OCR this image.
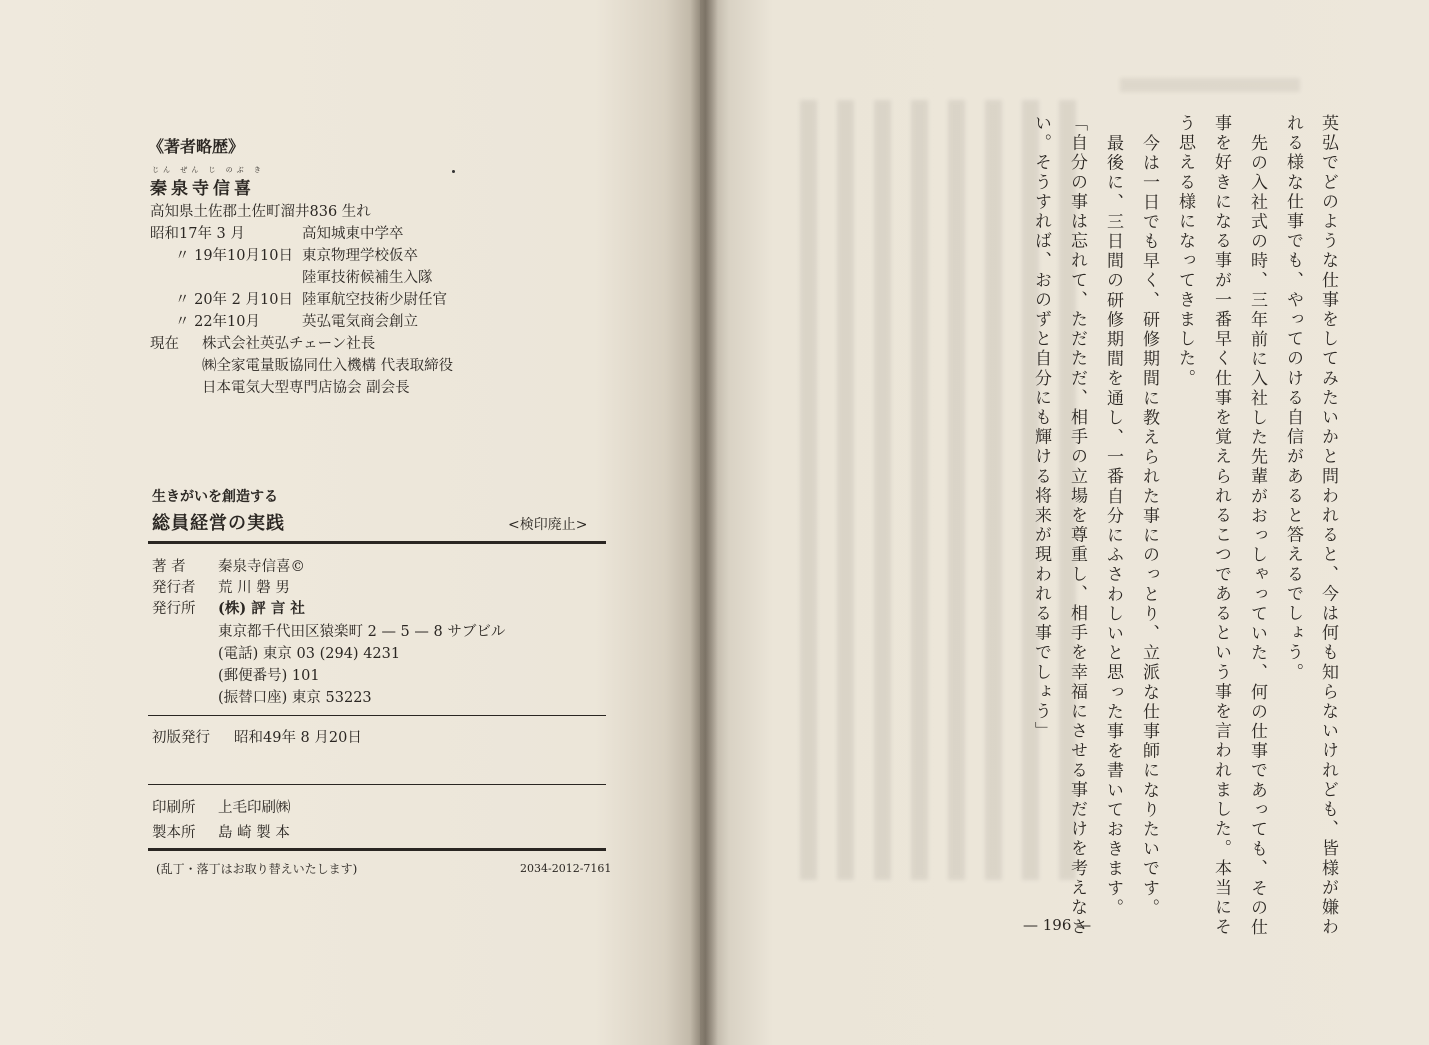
《著者略歴》
じん ぜん じ のぶ き
秦泉寺信喜
高知県土佐郡土佐町溜井836 生れ
昭和17年 3 月	高知城東中学卒
〃 19年10月10日 東京物理学校仮卒
陸軍技術候補生入隊
〃 20年 2 月10日 陸軍航空技術少尉任官
〃 22年10月	英弘電気商会創立
現在 株式会社英弘チェーン社長
㈱全家電量販協同仕入機構 代表取締役
日本電気大型専門店協会 副会長
生きがいを創造する
総員経営の実践	<検印廃止>
著 者 秦泉寺信喜©
発行者 荒 川 磐 男
発行所 (株) 評 言 社
東京都千代田区猿楽町 2 — 5 — 8 サブビル
(電話) 東京 03 (294) 4231
(郵便番号) 101
(振替口座) 東京 53223
初版発行 昭和49年 8 月20日
印刷所 上毛印刷㈱
製本所 島 崎 製 本
(乱丁・落丁はお取り替えいたします)	2034-2012-7161	英弘でどのような仕事をしてみたいかと問われると、今は何も知らないけれども、皆様が嫌わ
れる様な仕事でも、やってのける自信があると答えるでしょう。
先の入社式の時、三年前に入社した先輩がおっしゃっていた、何の仕事であっても、その仕
事を好きになる事が一番早く仕事を覚えられるこつであるという事を言われました。本当にそ
う思える様になってきました。
今は一日でも早く、研修期間に教えられた事にのっとり、立派な仕事師になりたいです。
最後に、三日間の研修期間を通し、一番自分にふさわしいと思った事を書いておきます。
「自分の事は忘れて、ただただ、相手の立場を尊重し、相手を幸福にさせる事だけを考えなさ
い。そうすれば、おのずと自分にも輝ける将来が現われる事でしょう」
— 196 —
